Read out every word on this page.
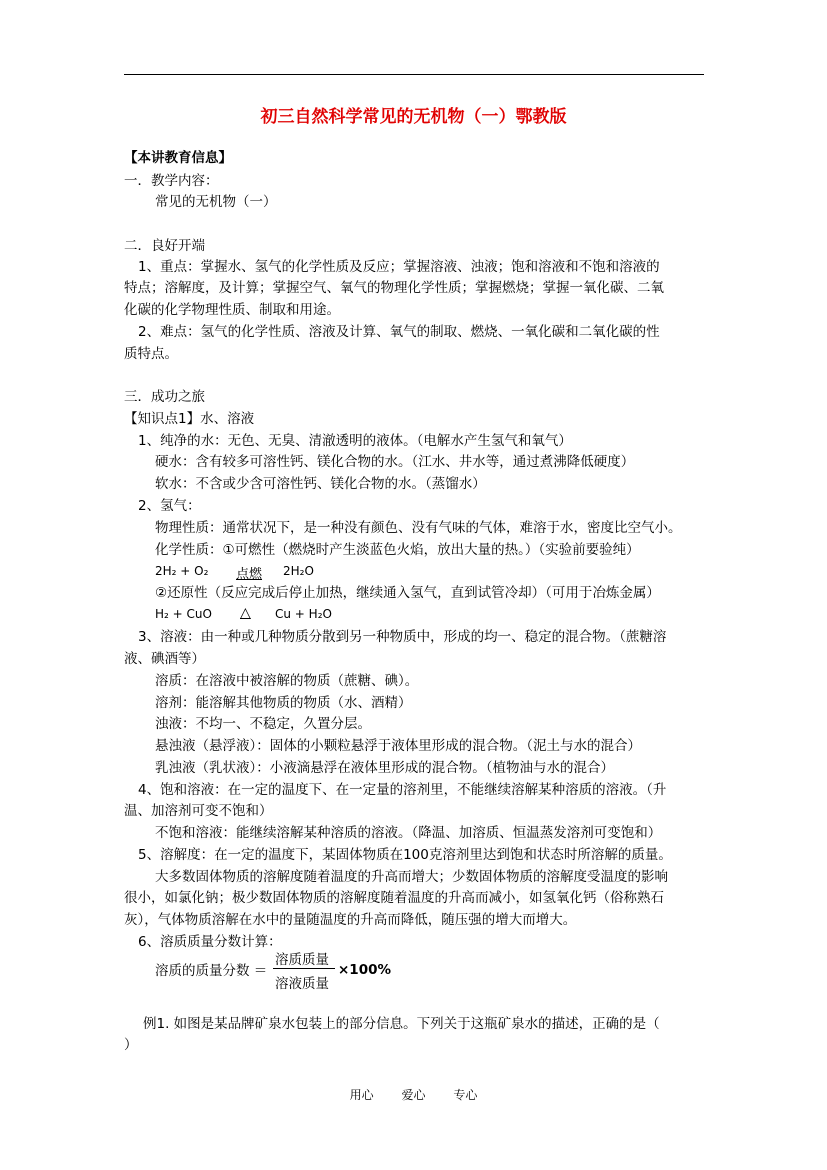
初三自然科学常见的无机物（一）鄂教版
【本讲教育信息】
一．教学内容：
常见的无机物（一）
二．良好开端
1、重点：掌握水、氢气的化学性质及反应；掌握溶液、浊液；饱和溶液和不饱和溶液的
特点；溶解度，及计算；掌握空气、氧气的物理化学性质；掌握燃烧；掌握一氧化碳、二氧
化碳的化学物理性质、制取和用途。
2、难点：氢气的化学性质、溶液及计算、氧气的制取、燃烧、一氧化碳和二氧化碳的性
质特点。
三．成功之旅
【知识点1】水、溶液
1、纯净的水：无色、无臭、清澈透明的液体。（电解水产生氢气和氧气）
硬水：含有较多可溶性钙、镁化合物的水。（江水、井水等，通过煮沸降低硬度）
软水：不含或少含可溶性钙、镁化合物的水。（蒸馏水）
2、氢气：
物理性质：通常状况下，是一种没有颜色、没有气味的气体，难溶于水，密度比空气小。
化学性质：①可燃性（燃烧时产生淡蓝色火焰，放出大量的热。）（实验前要验纯）
2H₂ + O₂ 点燃 2H₂O
②还原性（反应完成后停止加热，继续通入氢气，直到试管冷却）（可用于冶炼金属）
H₂ + CuO	△	Cu + H₂O
3、溶液：由一种或几种物质分散到另一种物质中，形成的均一、稳定的混合物。（蔗糖溶
液、碘酒等）
溶质：在溶液中被溶解的物质（蔗糖、碘）。
溶剂：能溶解其他物质的物质（水、酒精）
浊液：不均一、不稳定，久置分层。
悬浊液（悬浮液）：固体的小颗粒悬浮于液体里形成的混合物。（泥土与水的混合）
乳浊液（乳状液）：小液滴悬浮在液体里形成的混合物。（植物油与水的混合）
4、饱和溶液：在一定的温度下、在一定量的溶剂里，不能继续溶解某种溶质的溶液。（升
温、加溶剂可变不饱和）
不饱和溶液：能继续溶解某种溶质的溶液。（降温、加溶质、恒温蒸发溶剂可变饱和）
5、溶解度：在一定的温度下，某固体物质在100克溶剂里达到饱和状态时所溶解的质量。
大多数固体物质的溶解度随着温度的升高而增大；少数固体物质的溶解度受温度的影响
很小，如氯化钠；极少数固体物质的溶解度随着温度的升高而减小，如氢氧化钙（俗称熟石
灰），气体物质溶解在水中的量随温度的升高而降低，随压强的增大而增大。
6、溶质质量分数计算：
溶质的质量分数 ＝
溶质质量
溶液质量
×100%
例1. 如图是某品牌矿泉水包装上的部分信息。下列关于这瓶矿泉水的描述，正确的是（
）
用心 爱心 专心
